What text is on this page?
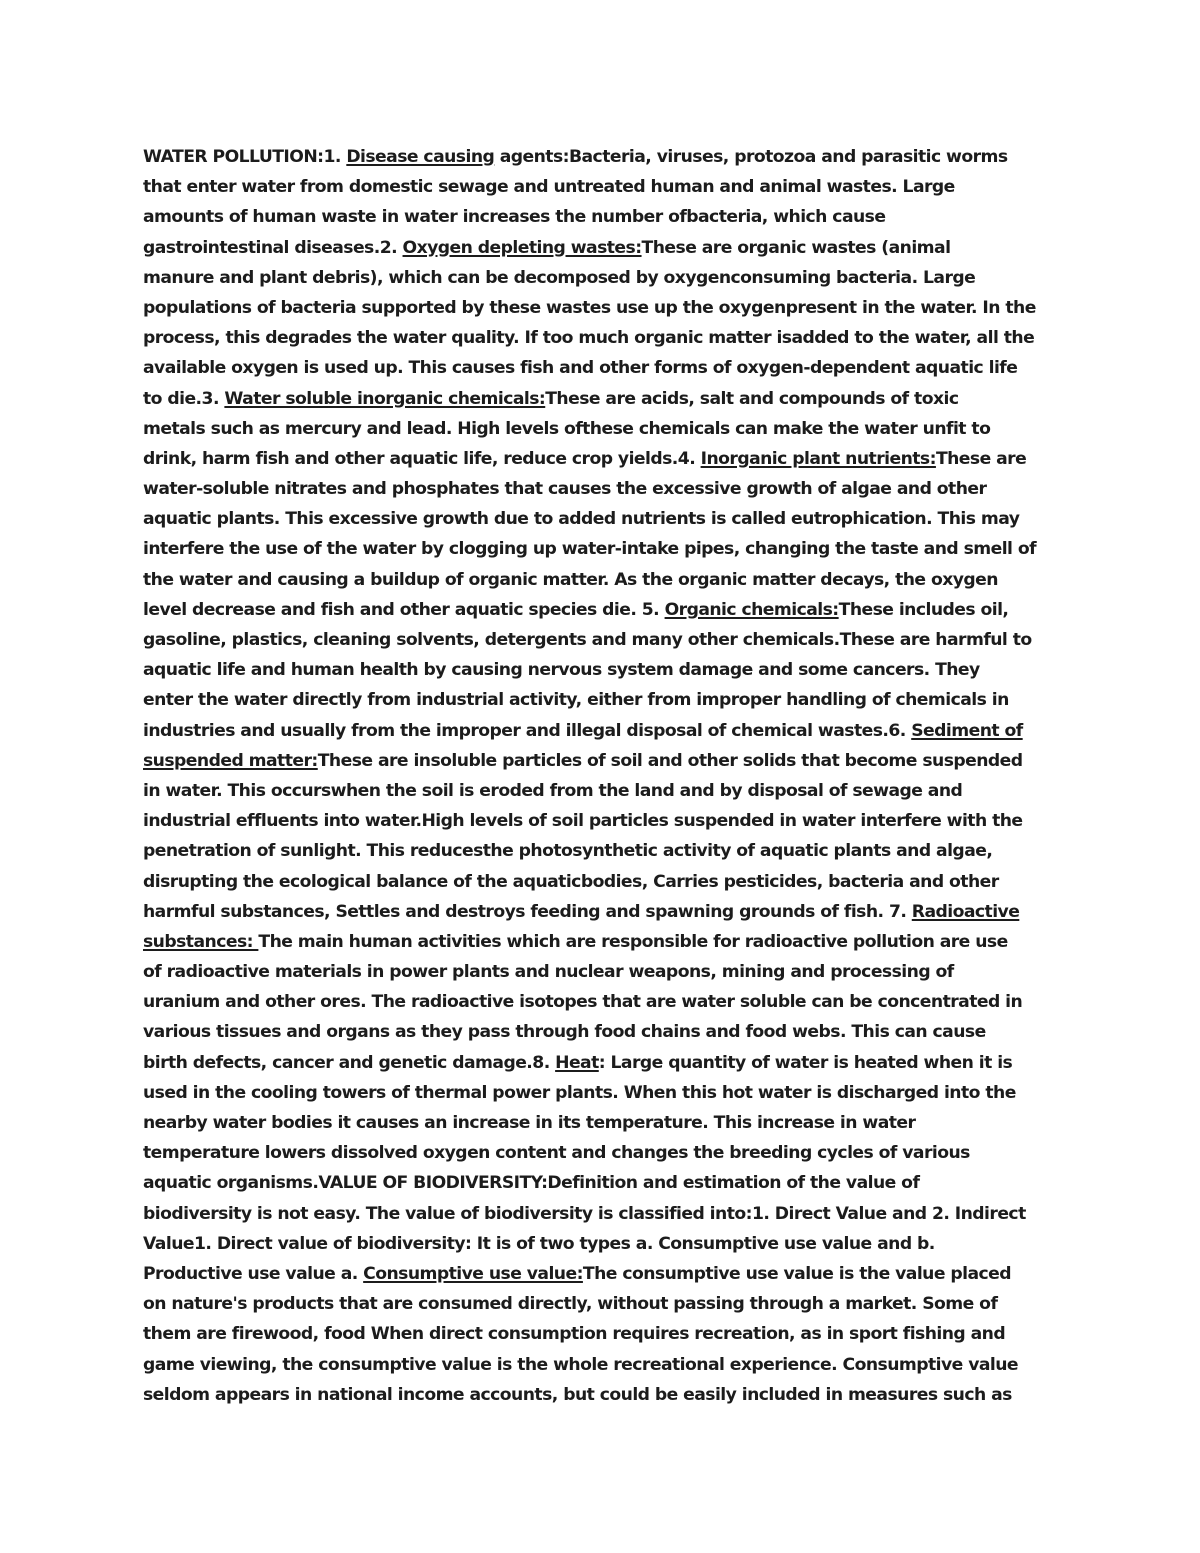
WATER POLLUTION:1. Disease causing agents:Bacteria, viruses, protozoa and parasitic worms
that enter water from domestic sewage and untreated human and animal wastes. Large
amounts of human waste in water increases the number ofbacteria, which cause
gastrointestinal diseases.2. Oxygen depleting wastes:These are organic wastes (animal
manure and plant debris), which can be decomposed by oxygenconsuming bacteria. Large
populations of bacteria supported by these wastes use up the oxygenpresent in the water. In the
process, this degrades the water quality. If too much organic matter isadded to the water, all the
available oxygen is used up. This causes fish and other forms of oxygen-dependent aquatic life
to die.3. Water soluble inorganic chemicals:These are acids, salt and compounds of toxic
metals such as mercury and lead. High levels ofthese chemicals can make the water unfit to
drink, harm fish and other aquatic life, reduce crop yields.4. Inorganic plant nutrients:These are
water-soluble nitrates and phosphates that causes the excessive growth of algae and other
aquatic plants. This excessive growth due to added nutrients is called eutrophication. This may
interfere the use of the water by clogging up water-intake pipes, changing the taste and smell of
the water and causing a buildup of organic matter. As the organic matter decays, the oxygen
level decrease and fish and other aquatic species die. 5. Organic chemicals:These includes oil,
gasoline, plastics, cleaning solvents, detergents and many other chemicals.These are harmful to
aquatic life and human health by causing nervous system damage and some cancers. They
enter the water directly from industrial activity, either from improper handling of chemicals in
industries and usually from the improper and illegal disposal of chemical wastes.6. Sediment of
suspended matter:These are insoluble particles of soil and other solids that become suspended
in water. This occurswhen the soil is eroded from the land and by disposal of sewage and
industrial effluents into water.High levels of soil particles suspended in water interfere with the
penetration of sunlight. This reducesthe photosynthetic activity of aquatic plants and algae,
disrupting the ecological balance of the aquaticbodies, Carries pesticides, bacteria and other
harmful substances, Settles and destroys feeding and spawning grounds of fish. 7. Radioactive
substances: The main human activities which are responsible for radioactive pollution are use
of radioactive materials in power plants and nuclear weapons, mining and processing of
uranium and other ores. The radioactive isotopes that are water soluble can be concentrated in
various tissues and organs as they pass through food chains and food webs. This can cause
birth defects, cancer and genetic damage.8. Heat: Large quantity of water is heated when it is
used in the cooling towers of thermal power plants. When this hot water is discharged into the
nearby water bodies it causes an increase in its temperature. This increase in water
temperature lowers dissolved oxygen content and changes the breeding cycles of various
aquatic organisms.VALUE OF BIODIVERSITY:Definition and estimation of the value of
biodiversity is not easy. The value of biodiversity is classified into:1. Direct Value and 2. Indirect
Value1. Direct value of biodiversity: It is of two types a. Consumptive use value and b.
Productive use value a. Consumptive use value:The consumptive use value is the value placed
on nature's products that are consumed directly, without passing through a market. Some of
them are firewood, food When direct consumption requires recreation, as in sport fishing and
game viewing, the consumptive value is the whole recreational experience. Consumptive value
seldom appears in national income accounts, but could be easily included in measures such as
